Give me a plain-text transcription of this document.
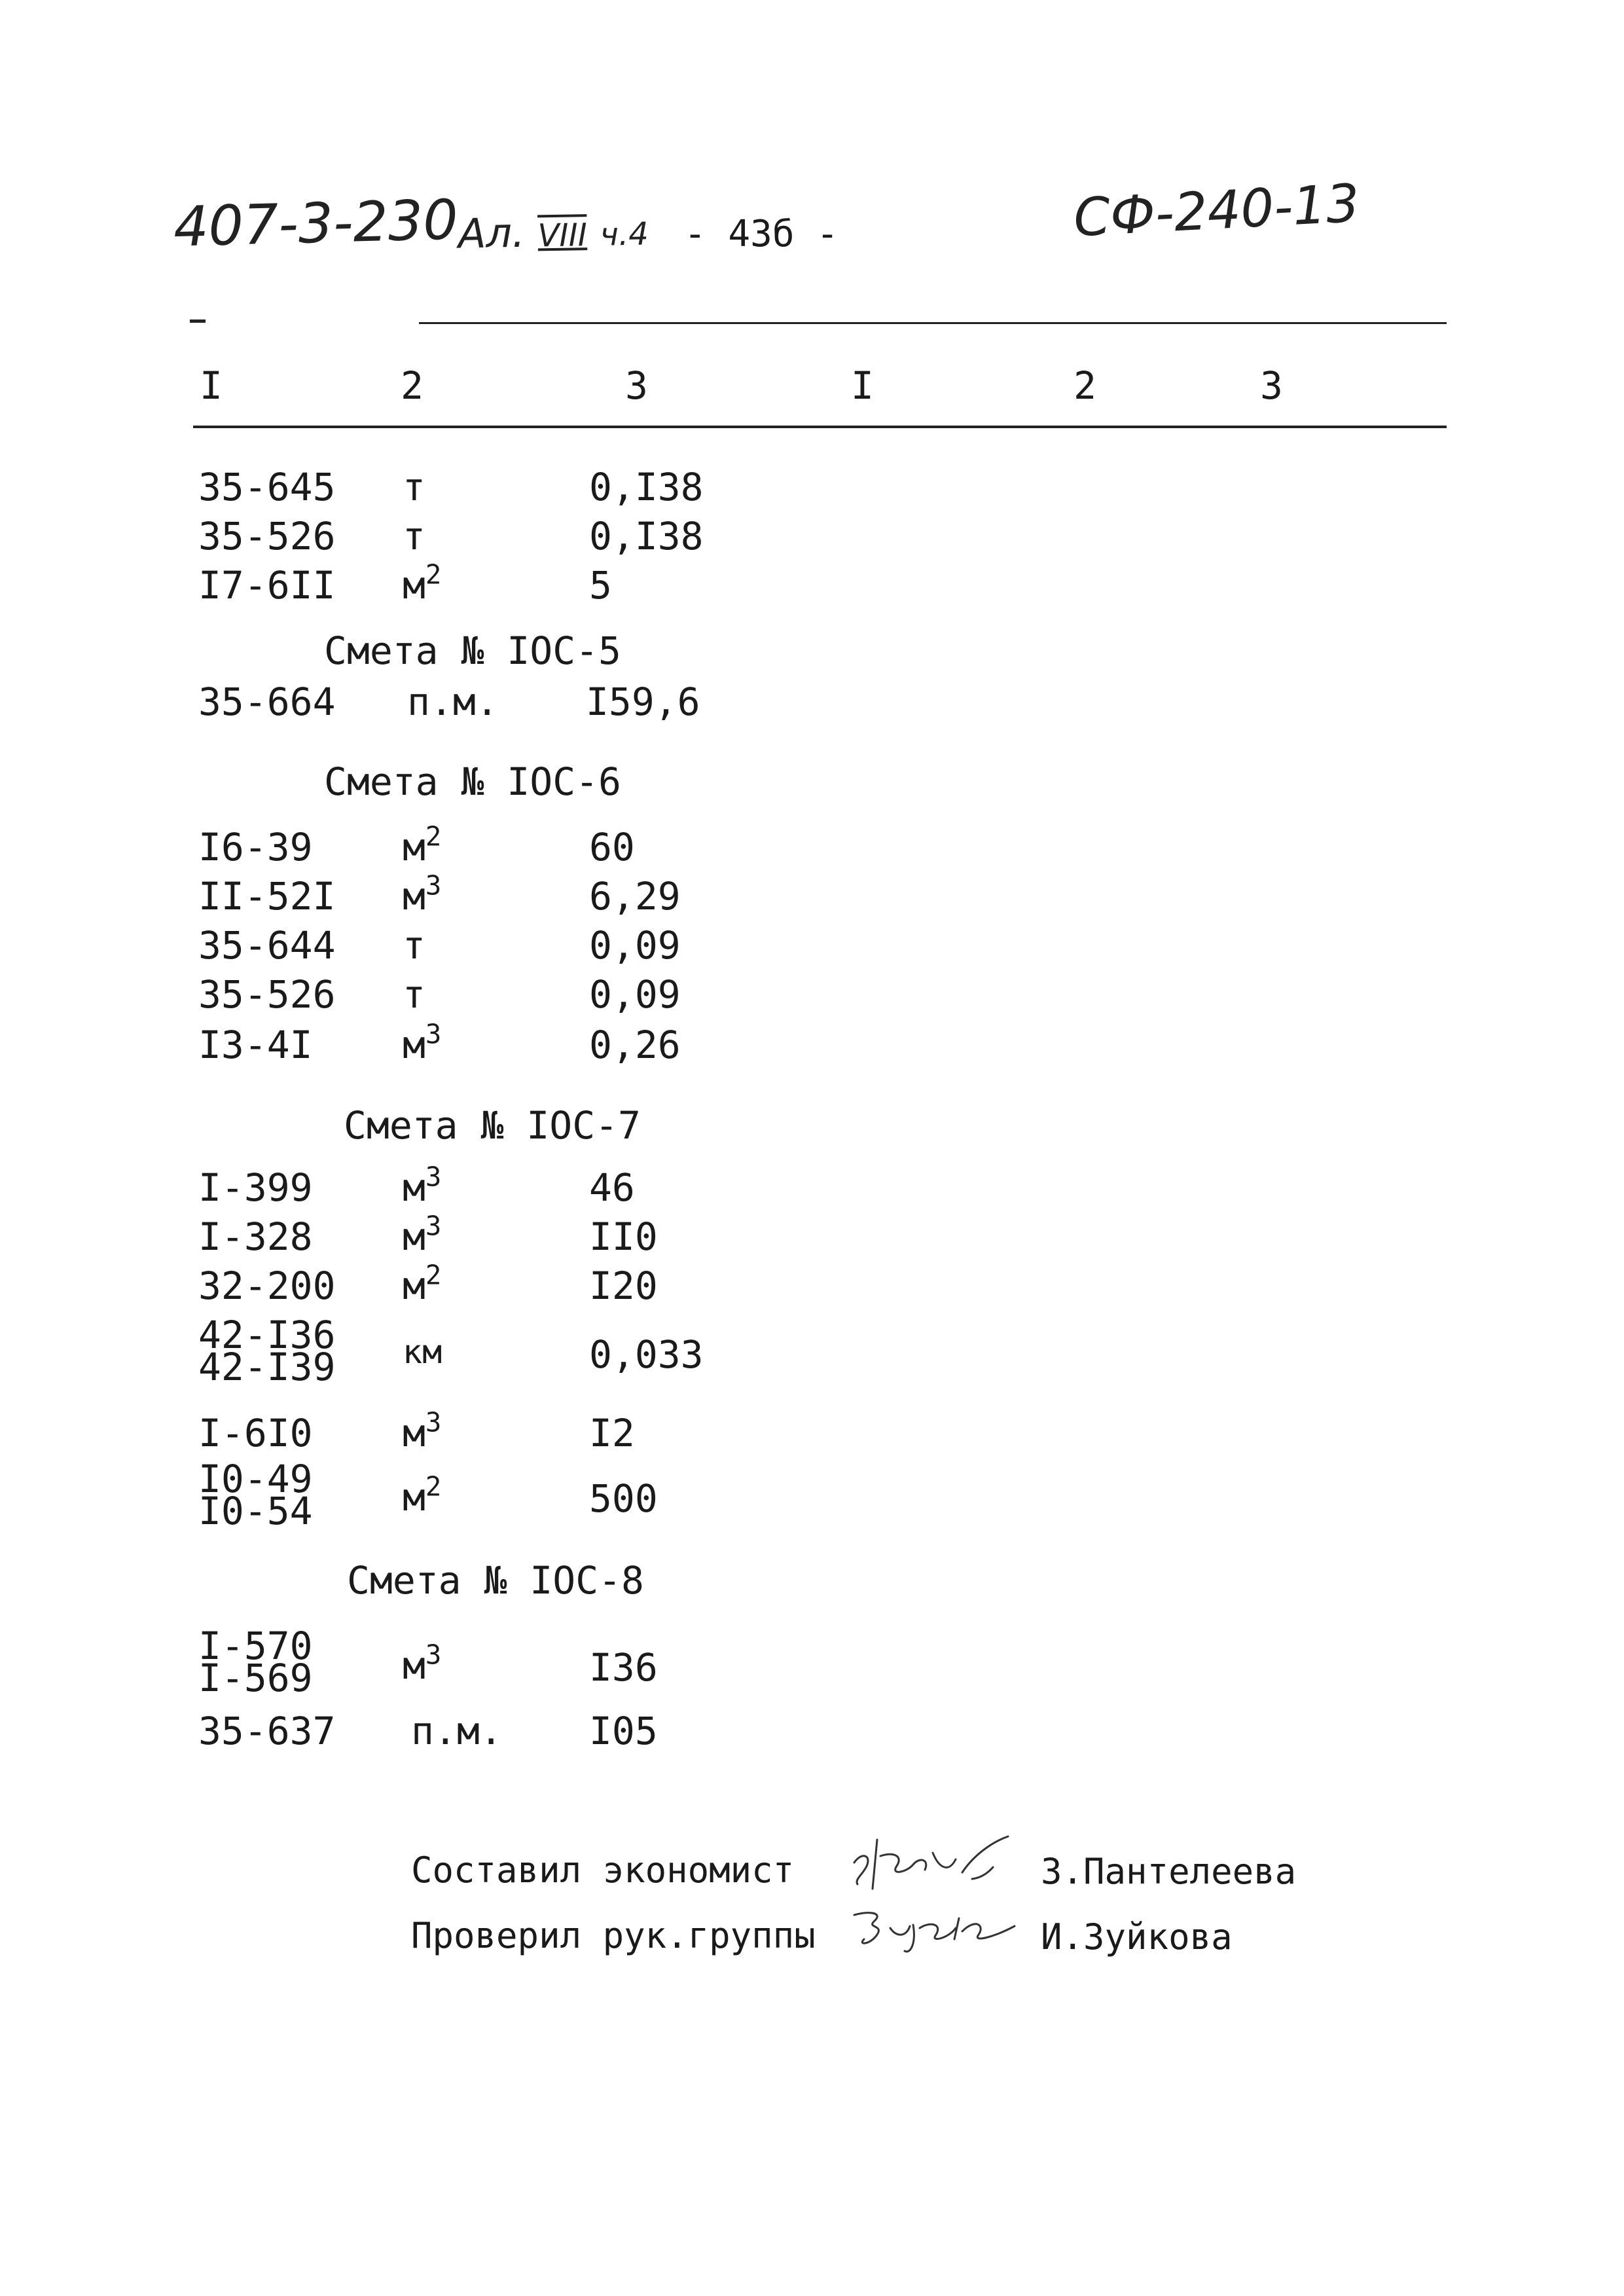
407-3-230
Ал. VIII ч.4 - 43б -	СФ-240-13
I	2	3	I	2	3
35-645 т	0,I38
35-526 т	0,I38
I7-6II $м^2$	5
Смета № IOC-5
35-664 п.м. I59,6
Смета № IOC-6
I6-39 $м^2$	60
II-52I $м^3$	6,29
35-644 т	0,09
35-526 т	0,09
I3-4I $м^3$	0,26
Смета № IOC-7
I-399 $м^3$	46
I-328 $м^3$	II0
32-200 $м^2$	I20
42-I36
42-I39 км	0,033
I-6I0 $м^3$	I2
I0-49
I0-54 $м^2$	500
Смета № IOC-8
I-570
I-569 $м^3$	I36
35-637 п.м. I05
Составил экономист	З.Пантелеева
Проверил рук.группы	И.Зуйкова
